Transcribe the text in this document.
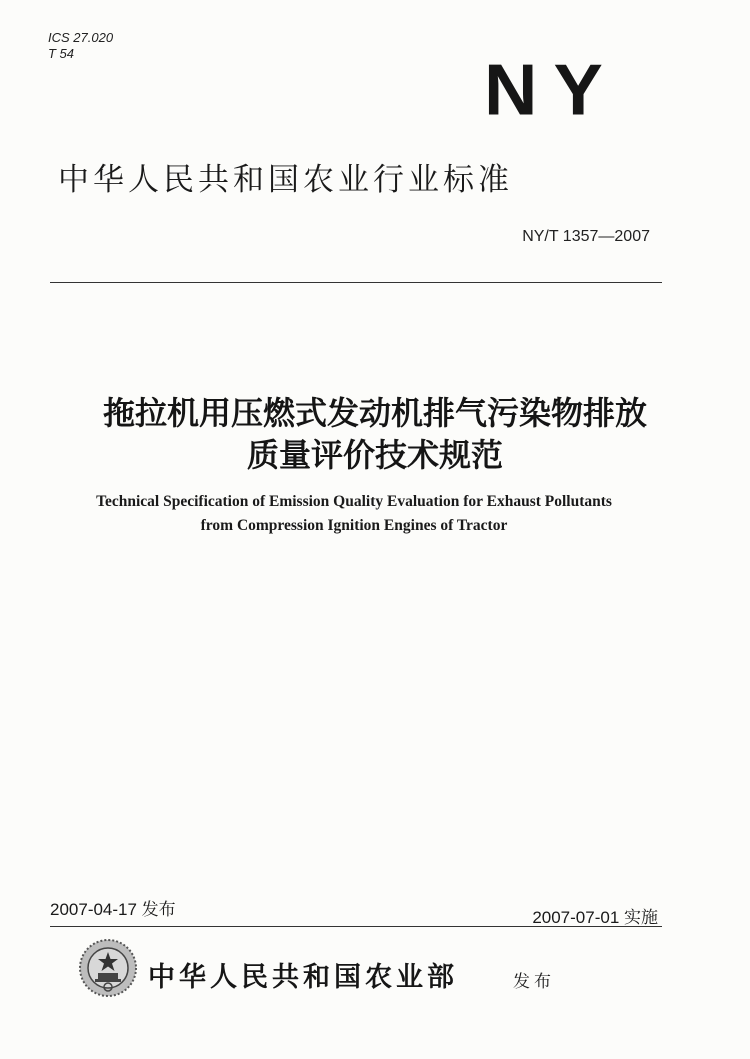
ICS 27.020
T 54	NY
中华人民共和国农业行业标准
NY/T 1357—2007
拖拉机用压燃式发动机排气污染物排放
质量评价技术规范
Technical Specification of Emission Quality Evaluation for Exhaust Pollutants
from Compression Ignition Engines of Tractor
2007-04-17 发布	2007-07-01 实施
中华人民共和国农业部	发布
